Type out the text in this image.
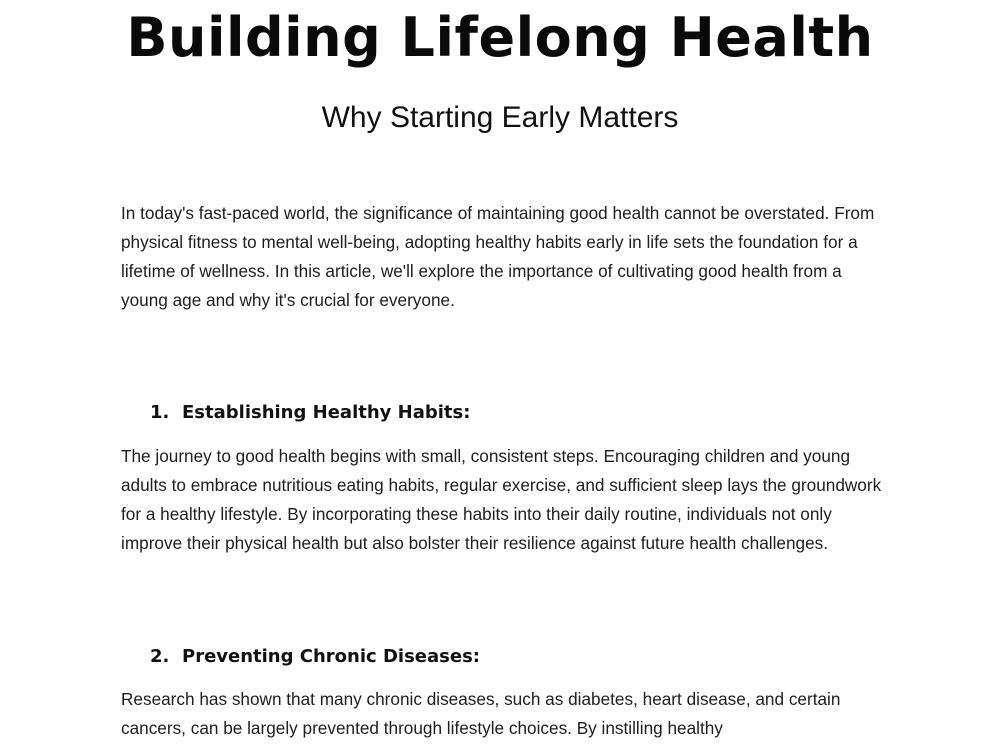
Building Lifelong Health
Why Starting Early Matters

In today's fast-paced world, the significance of maintaining good health cannot be overstated. From physical fitness to mental well-being, adopting healthy habits early in life sets the foundation for a lifetime of wellness. In this article, we'll explore the importance of cultivating good health from a young age and why it's crucial for everyone.

1. Establishing Healthy Habits:

The journey to good health begins with small, consistent steps. Encouraging children and young adults to embrace nutritious eating habits, regular exercise, and sufficient sleep lays the groundwork for a healthy lifestyle. By incorporating these habits into their daily routine, individuals not only improve their physical health but also bolster their resilience against future health challenges.

2. Preventing Chronic Diseases:

Research has shown that many chronic diseases, such as diabetes, heart disease, and certain cancers, can be largely prevented through lifestyle choices. By instilling healthy
